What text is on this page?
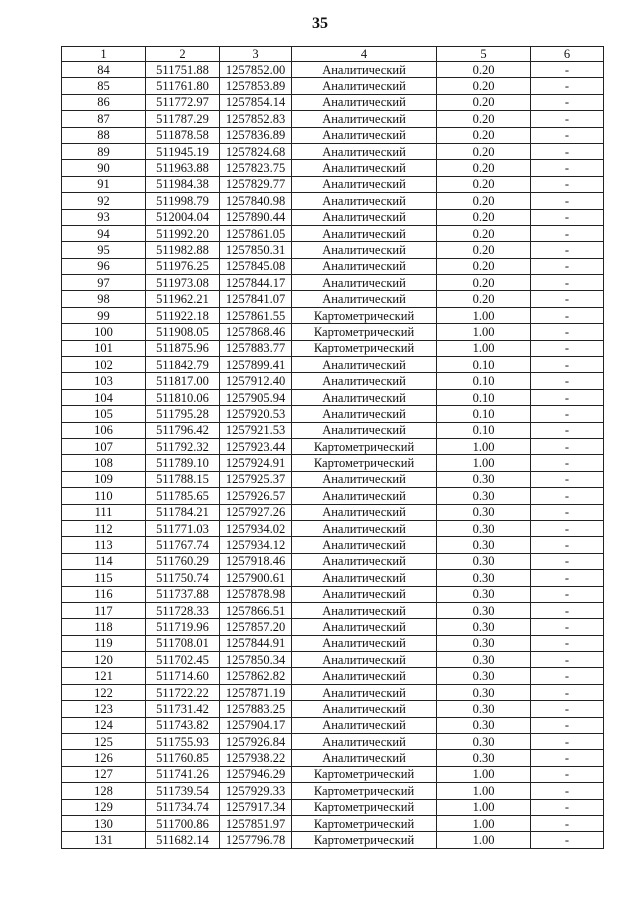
35
1	2	3	4	5	6
84	511751.88	1257852.00	Аналитический	0.20	-
85	511761.80	1257853.89	Аналитический	0.20	-
86	511772.97	1257854.14	Аналитический	0.20	-
87	511787.29	1257852.83	Аналитический	0.20	-
88	511878.58	1257836.89	Аналитический	0.20	-
89	511945.19	1257824.68	Аналитический	0.20	-
90	511963.88	1257823.75	Аналитический	0.20	-
91	511984.38	1257829.77	Аналитический	0.20	-
92	511998.79	1257840.98	Аналитический	0.20	-
93	512004.04	1257890.44	Аналитический	0.20	-
94	511992.20	1257861.05	Аналитический	0.20	-
95	511982.88	1257850.31	Аналитический	0.20	-
96	511976.25	1257845.08	Аналитический	0.20	-
97	511973.08	1257844.17	Аналитический	0.20	-
98	511962.21	1257841.07	Аналитический	0.20	-
99	511922.18	1257861.55	Картометрический	1.00	-
100	511908.05	1257868.46	Картометрический	1.00	-
101	511875.96	1257883.77	Картометрический	1.00	-
102	511842.79	1257899.41	Аналитический	0.10	-
103	511817.00	1257912.40	Аналитический	0.10	-
104	511810.06	1257905.94	Аналитический	0.10	-
105	511795.28	1257920.53	Аналитический	0.10	-
106	511796.42	1257921.53	Аналитический	0.10	-
107	511792.32	1257923.44	Картометрический	1.00	-
108	511789.10	1257924.91	Картометрический	1.00	-
109	511788.15	1257925.37	Аналитический	0.30	-
110	511785.65	1257926.57	Аналитический	0.30	-
111	511784.21	1257927.26	Аналитический	0.30	-
112	511771.03	1257934.02	Аналитический	0.30	-
113	511767.74	1257934.12	Аналитический	0.30	-
114	511760.29	1257918.46	Аналитический	0.30	-
115	511750.74	1257900.61	Аналитический	0.30	-
116	511737.88	1257878.98	Аналитический	0.30	-
117	511728.33	1257866.51	Аналитический	0.30	-
118	511719.96	1257857.20	Аналитический	0.30	-
119	511708.01	1257844.91	Аналитический	0.30	-
120	511702.45	1257850.34	Аналитический	0.30	-
121	511714.60	1257862.82	Аналитический	0.30	-
122	511722.22	1257871.19	Аналитический	0.30	-
123	511731.42	1257883.25	Аналитический	0.30	-
124	511743.82	1257904.17	Аналитический	0.30	-
125	511755.93	1257926.84	Аналитический	0.30	-
126	511760.85	1257938.22	Аналитический	0.30	-
127	511741.26	1257946.29	Картометрический	1.00	-
128	511739.54	1257929.33	Картометрический	1.00	-
129	511734.74	1257917.34	Картометрический	1.00	-
130	511700.86	1257851.97	Картометрический	1.00	-
131	511682.14	1257796.78	Картометрический	1.00	-
